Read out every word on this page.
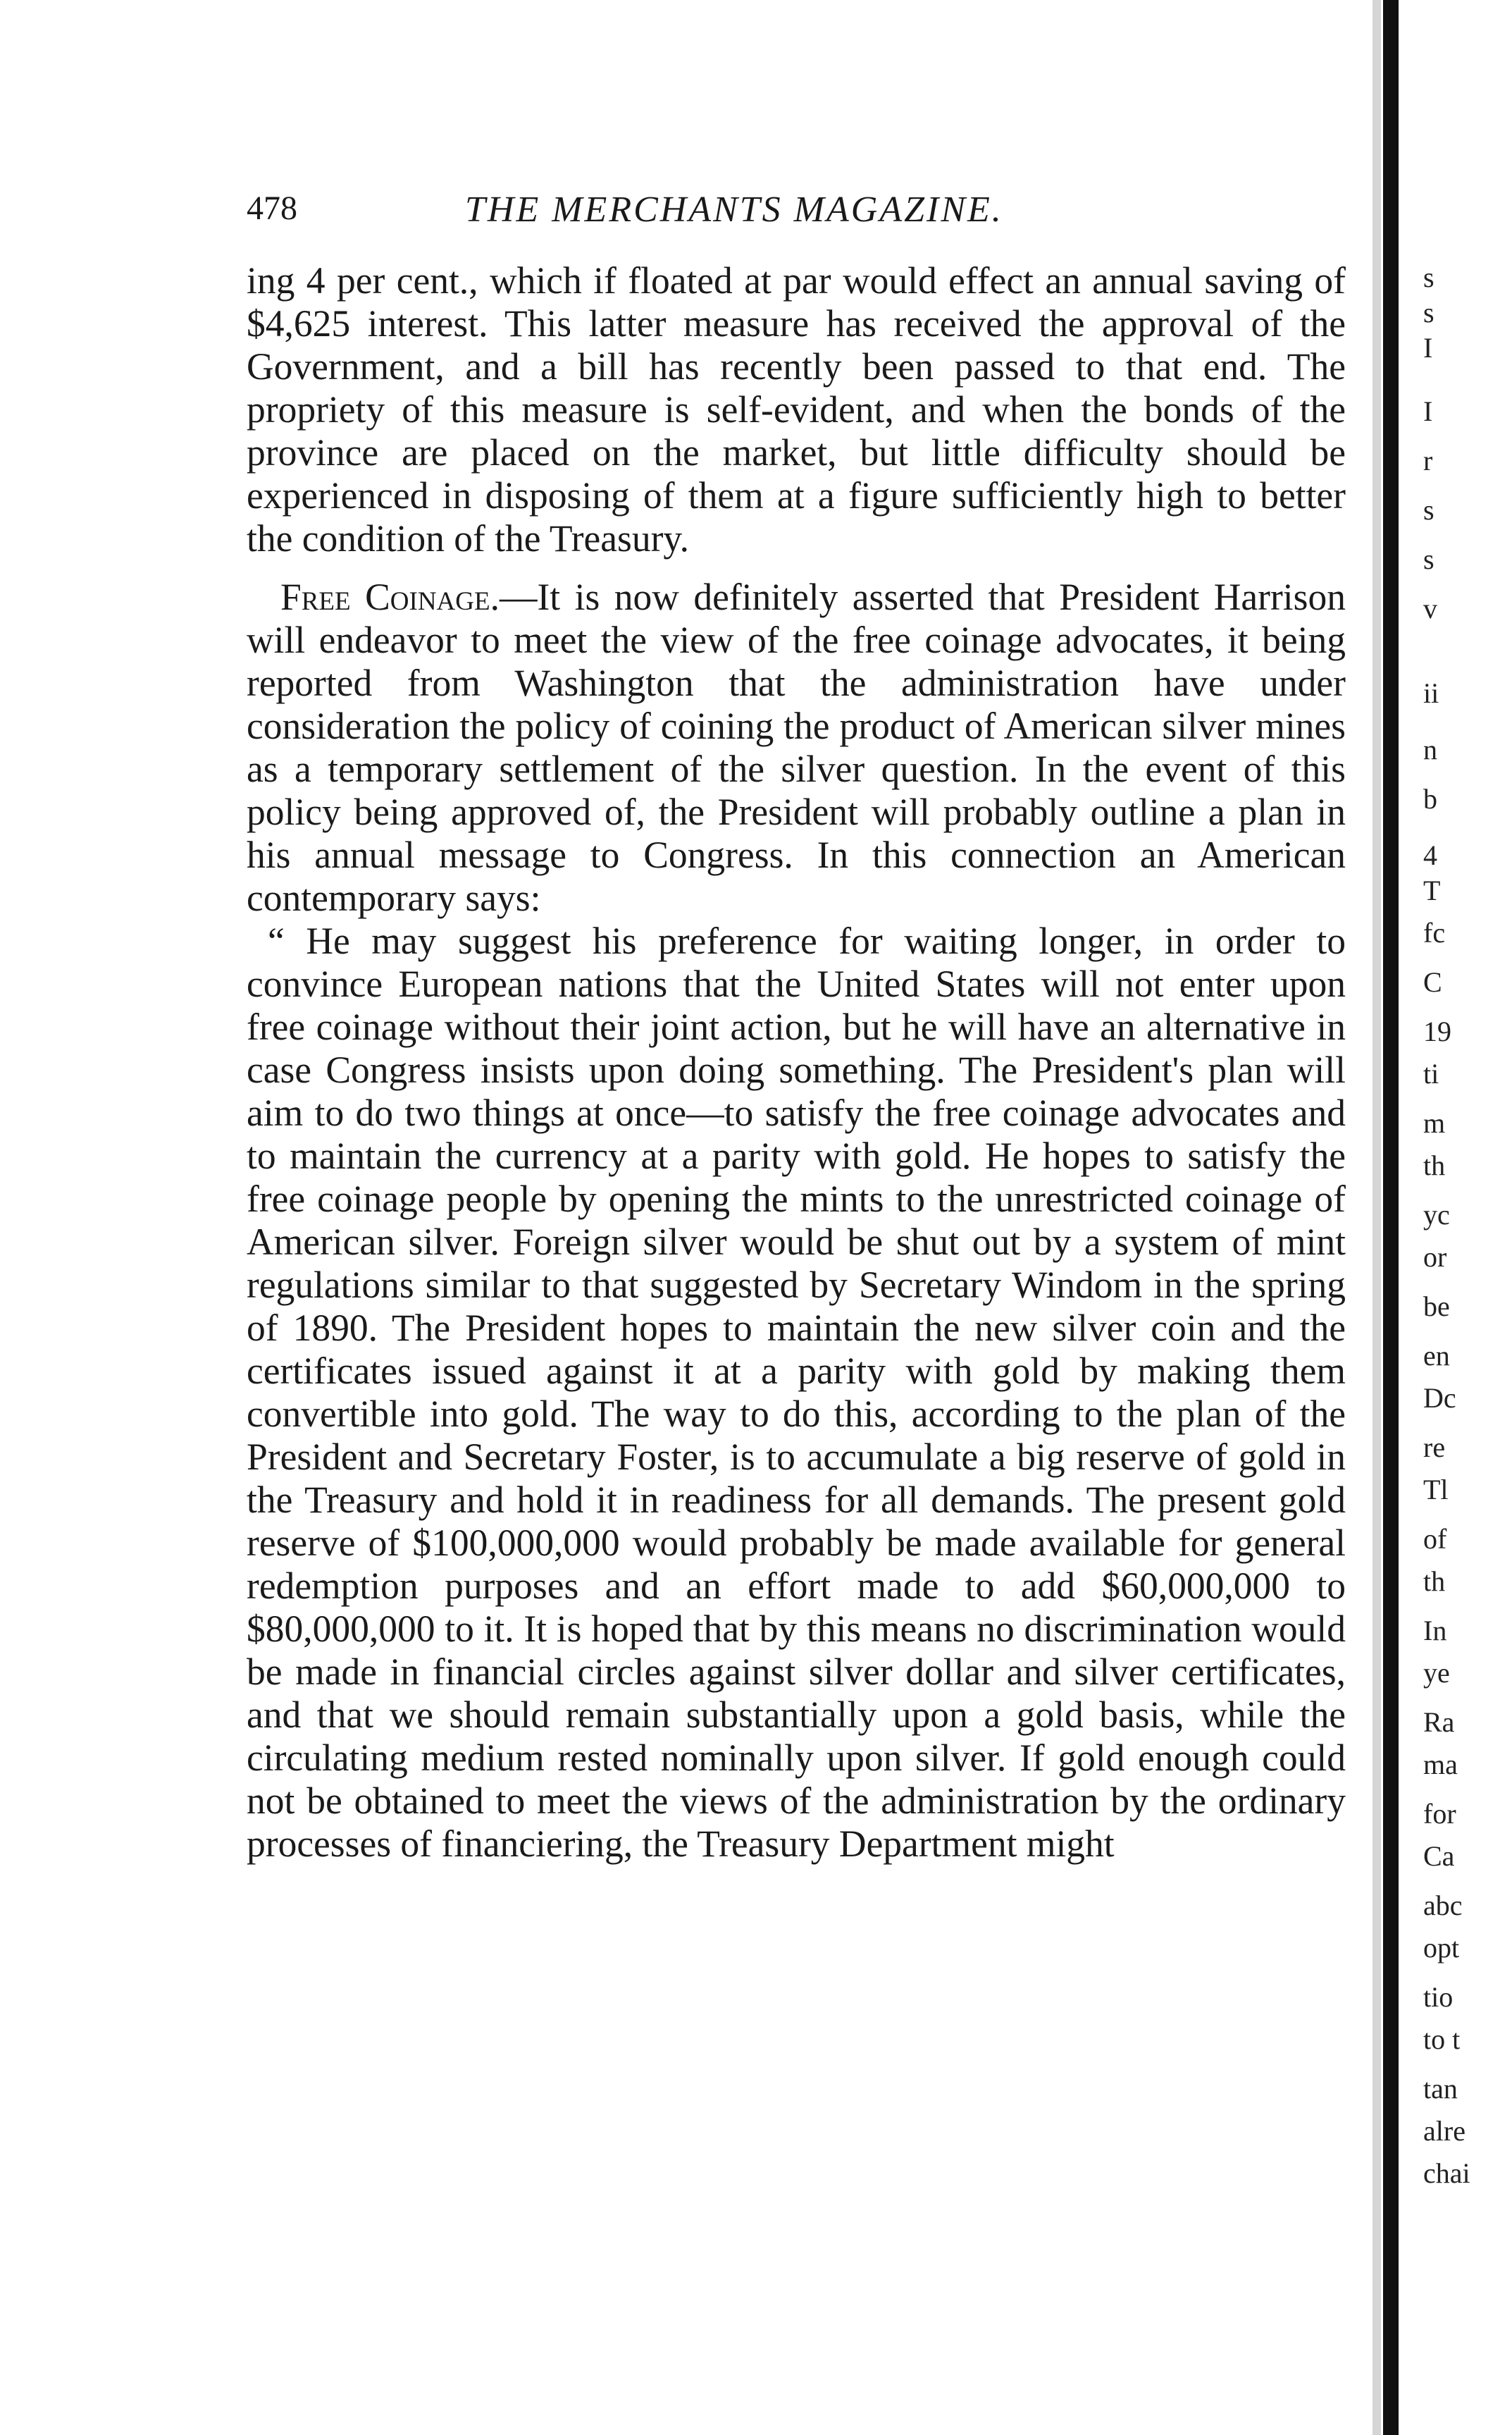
478	THE MERCHANTS MAGAZINE.

ing 4 per cent., which if floated at par would effect an annual saving of $4,625 interest. This latter measure has received the approval of the Government, and a bill has recently been passed to that end. The propriety of this measure is self-evident, and when the bonds of the province are placed on the market, but little difficulty should be experienced in disposing of them at a figure sufficiently high to better the condition of the Treasury.

Free Coinage.—It is now definitely asserted that President Harrison will endeavor to meet the view of the free coinage advocates, it being reported from Washington that the administration have under consideration the policy of coining the product of American silver mines as a temporary settlement of the silver question. In the event of this policy being approved of, the President will probably outline a plan in his annual message to Congress. In this connection an American contemporary says:

“ He may suggest his preference for waiting longer, in order to convince European nations that the United States will not enter upon free coinage without their joint action, but he will have an alternative in case Congress insists upon doing something. The President's plan will aim to do two things at once—to satisfy the free coinage advocates and to maintain the currency at a parity with gold. He hopes to satisfy the free coinage people by opening the mints to the unrestricted coinage of American silver. Foreign silver would be shut out by a system of mint regulations similar to that suggested by Secretary Windom in the spring of 1890. The President hopes to maintain the new silver coin and the certificates issued against it at a parity with gold by making them convertible into gold. The way to do this, according to the plan of the President and Secretary Foster, is to accumulate a big reserve of gold in the Treasury and hold it in readiness for all demands. The present gold reserve of $100,000,000 would probably be made available for general redemption purposes and an effort made to add $60,000,000 to $80,000,000 to it. It is hoped that by this means no discrimination would be made in financial circles against silver dollar and silver certificates, and that we should remain substantially upon a gold basis, while the circulating medium rested nominally upon silver. If gold enough could not be obtained to meet the views of the administration by the ordinary processes of financiering, the Treasury Department might

s
s
I
I
r
s
s
v
ii
n
b
4
T
fc
C
19
ti
m
th
yc
or
be
en
Dc
re
Tl
of
th
In
ye
Ra
ma
for
Ca
abc
opt
tio
to t
tan
alre
chai
